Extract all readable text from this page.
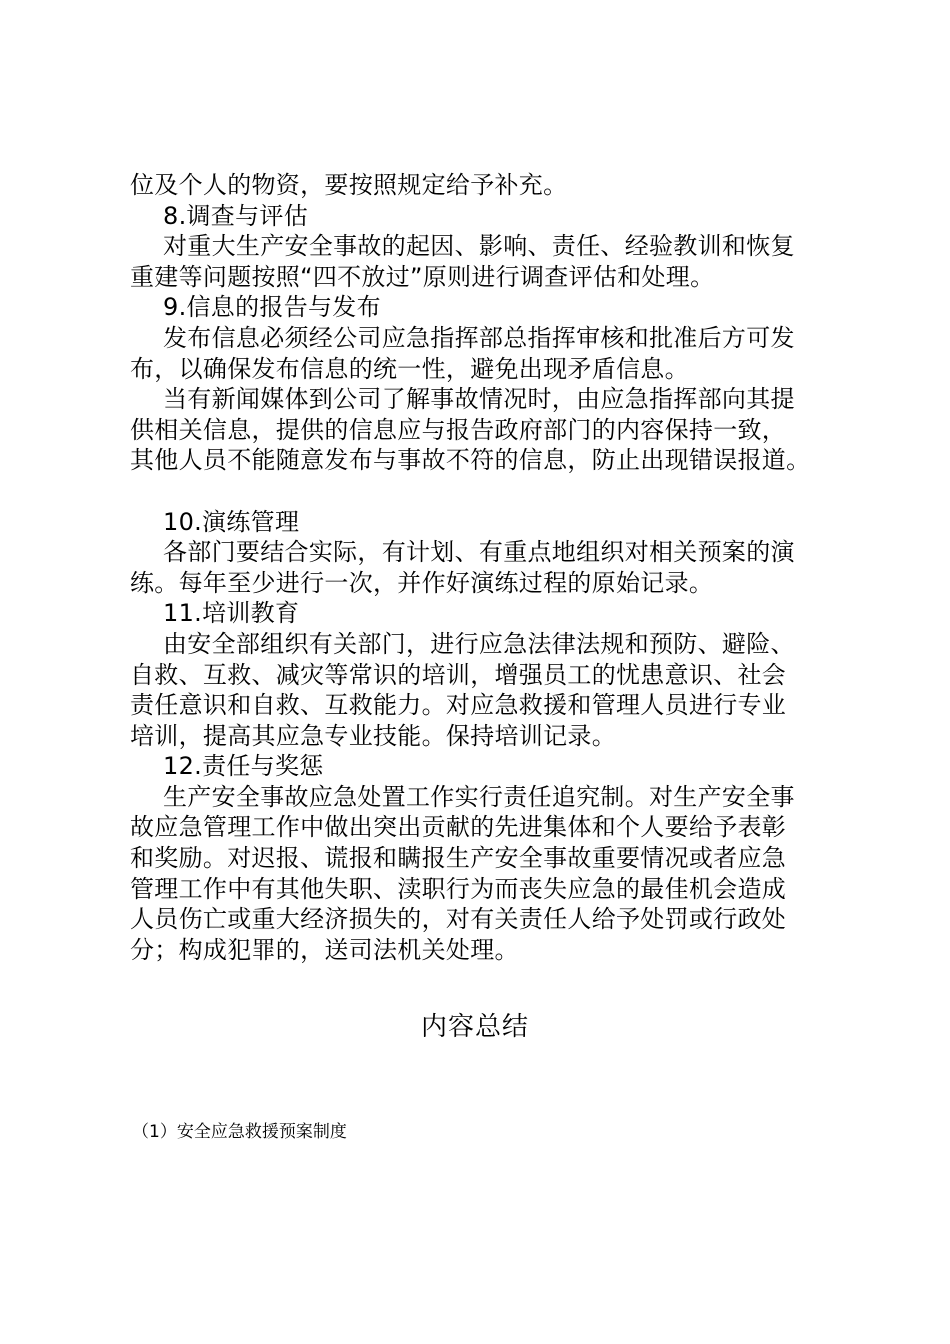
位及个人的物资，要按照规定给予补充。
8.调查与评估
对重大生产安全事故的起因、影响、责任、经验教训和恢复
重建等问题按照“四不放过”原则进行调查评估和处理。
9.信息的报告与发布
发布信息必须经公司应急指挥部总指挥审核和批准后方可发
布，以确保发布信息的统一性，避免出现矛盾信息。
当有新闻媒体到公司了解事故情况时，由应急指挥部向其提
供相关信息，提供的信息应与报告政府部门的内容保持一致，
其他人员不能随意发布与事故不符的信息，防止出现错误报道。
10.演练管理
各部门要结合实际，有计划、有重点地组织对相关预案的演
练。每年至少进行一次，并作好演练过程的原始记录。
11.培训教育
由安全部组织有关部门，进行应急法律法规和预防、避险、
自救、互救、减灾等常识的培训，增强员工的忧患意识、社会
责任意识和自救、互救能力。对应急救援和管理人员进行专业
培训，提高其应急专业技能。保持培训记录。
12.责任与奖惩
生产安全事故应急处置工作实行责任追究制。对生产安全事
故应急管理工作中做出突出贡献的先进集体和个人要给予表彰
和奖励。对迟报、谎报和瞒报生产安全事故重要情况或者应急
管理工作中有其他失职、渎职行为而丧失应急的最佳机会造成
人员伤亡或重大经济损失的，对有关责任人给予处罚或行政处
分；构成犯罪的，送司法机关处理。
内容总结
（1）安全应急救援预案制度
